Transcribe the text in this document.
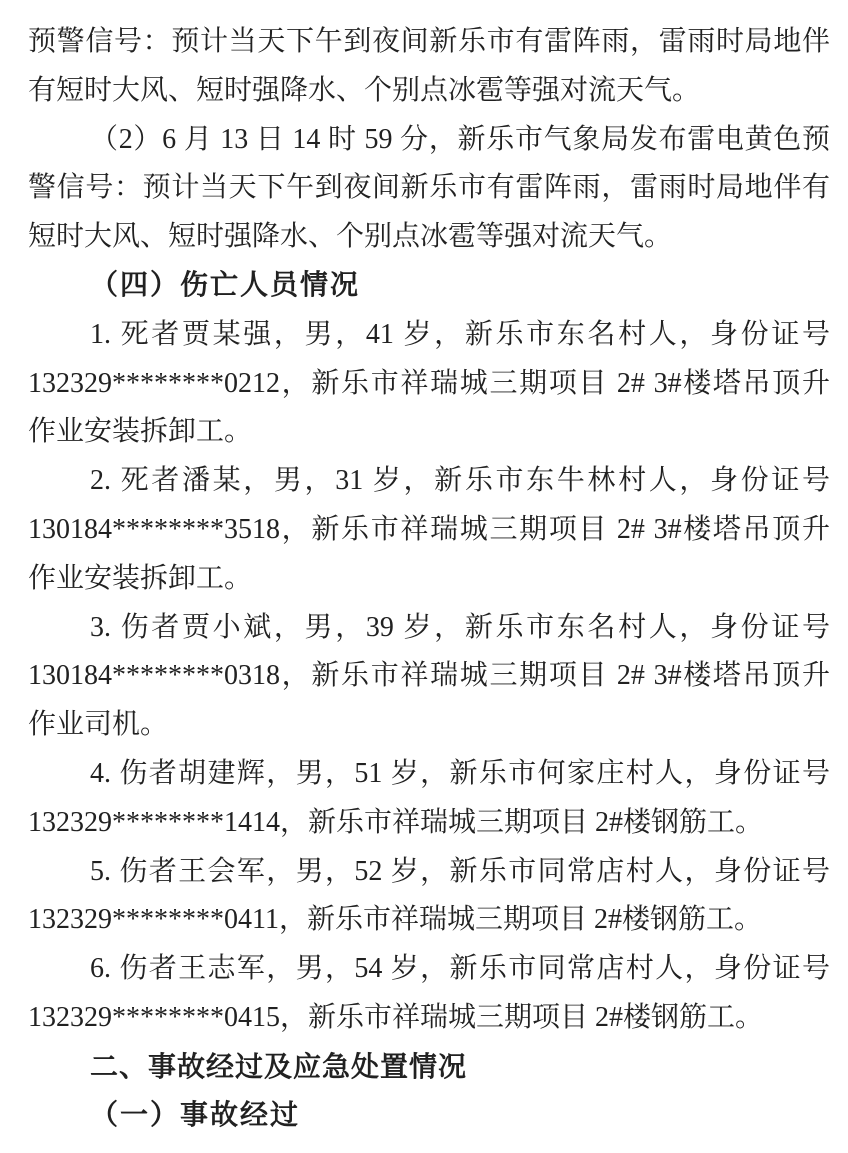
预警信号：预计当天下午到夜间新乐市有雷阵雨，雷雨时局地伴
有短时大风、短时强降水、个别点冰雹等强对流天气。
（2）6 月 13 日 14 时 59 分，新乐市气象局发布雷电黄色预
警信号：预计当天下午到夜间新乐市有雷阵雨，雷雨时局地伴有
短时大风、短时强降水、个别点冰雹等强对流天气。
（四）伤亡人员情况
1. 死者贾某强，男，41 岁，新乐市东名村人，身份证号
132329********0212，新乐市祥瑞城三期项目 2# 3#楼塔吊顶升
作业安装拆卸工。
2. 死者潘某，男，31 岁，新乐市东牛林村人，身份证号
130184********3518，新乐市祥瑞城三期项目 2# 3#楼塔吊顶升
作业安装拆卸工。
3. 伤者贾小斌，男，39 岁，新乐市东名村人，身份证号
130184********0318，新乐市祥瑞城三期项目 2# 3#楼塔吊顶升
作业司机。
4. 伤者胡建辉，男，51 岁，新乐市何家庄村人，身份证号
132329********1414，新乐市祥瑞城三期项目 2#楼钢筋工。
5. 伤者王会军，男，52 岁，新乐市同常店村人，身份证号
132329********0411，新乐市祥瑞城三期项目 2#楼钢筋工。
6. 伤者王志军，男，54 岁，新乐市同常店村人，身份证号
132329********0415，新乐市祥瑞城三期项目 2#楼钢筋工。
二、事故经过及应急处置情况
（一）事故经过
